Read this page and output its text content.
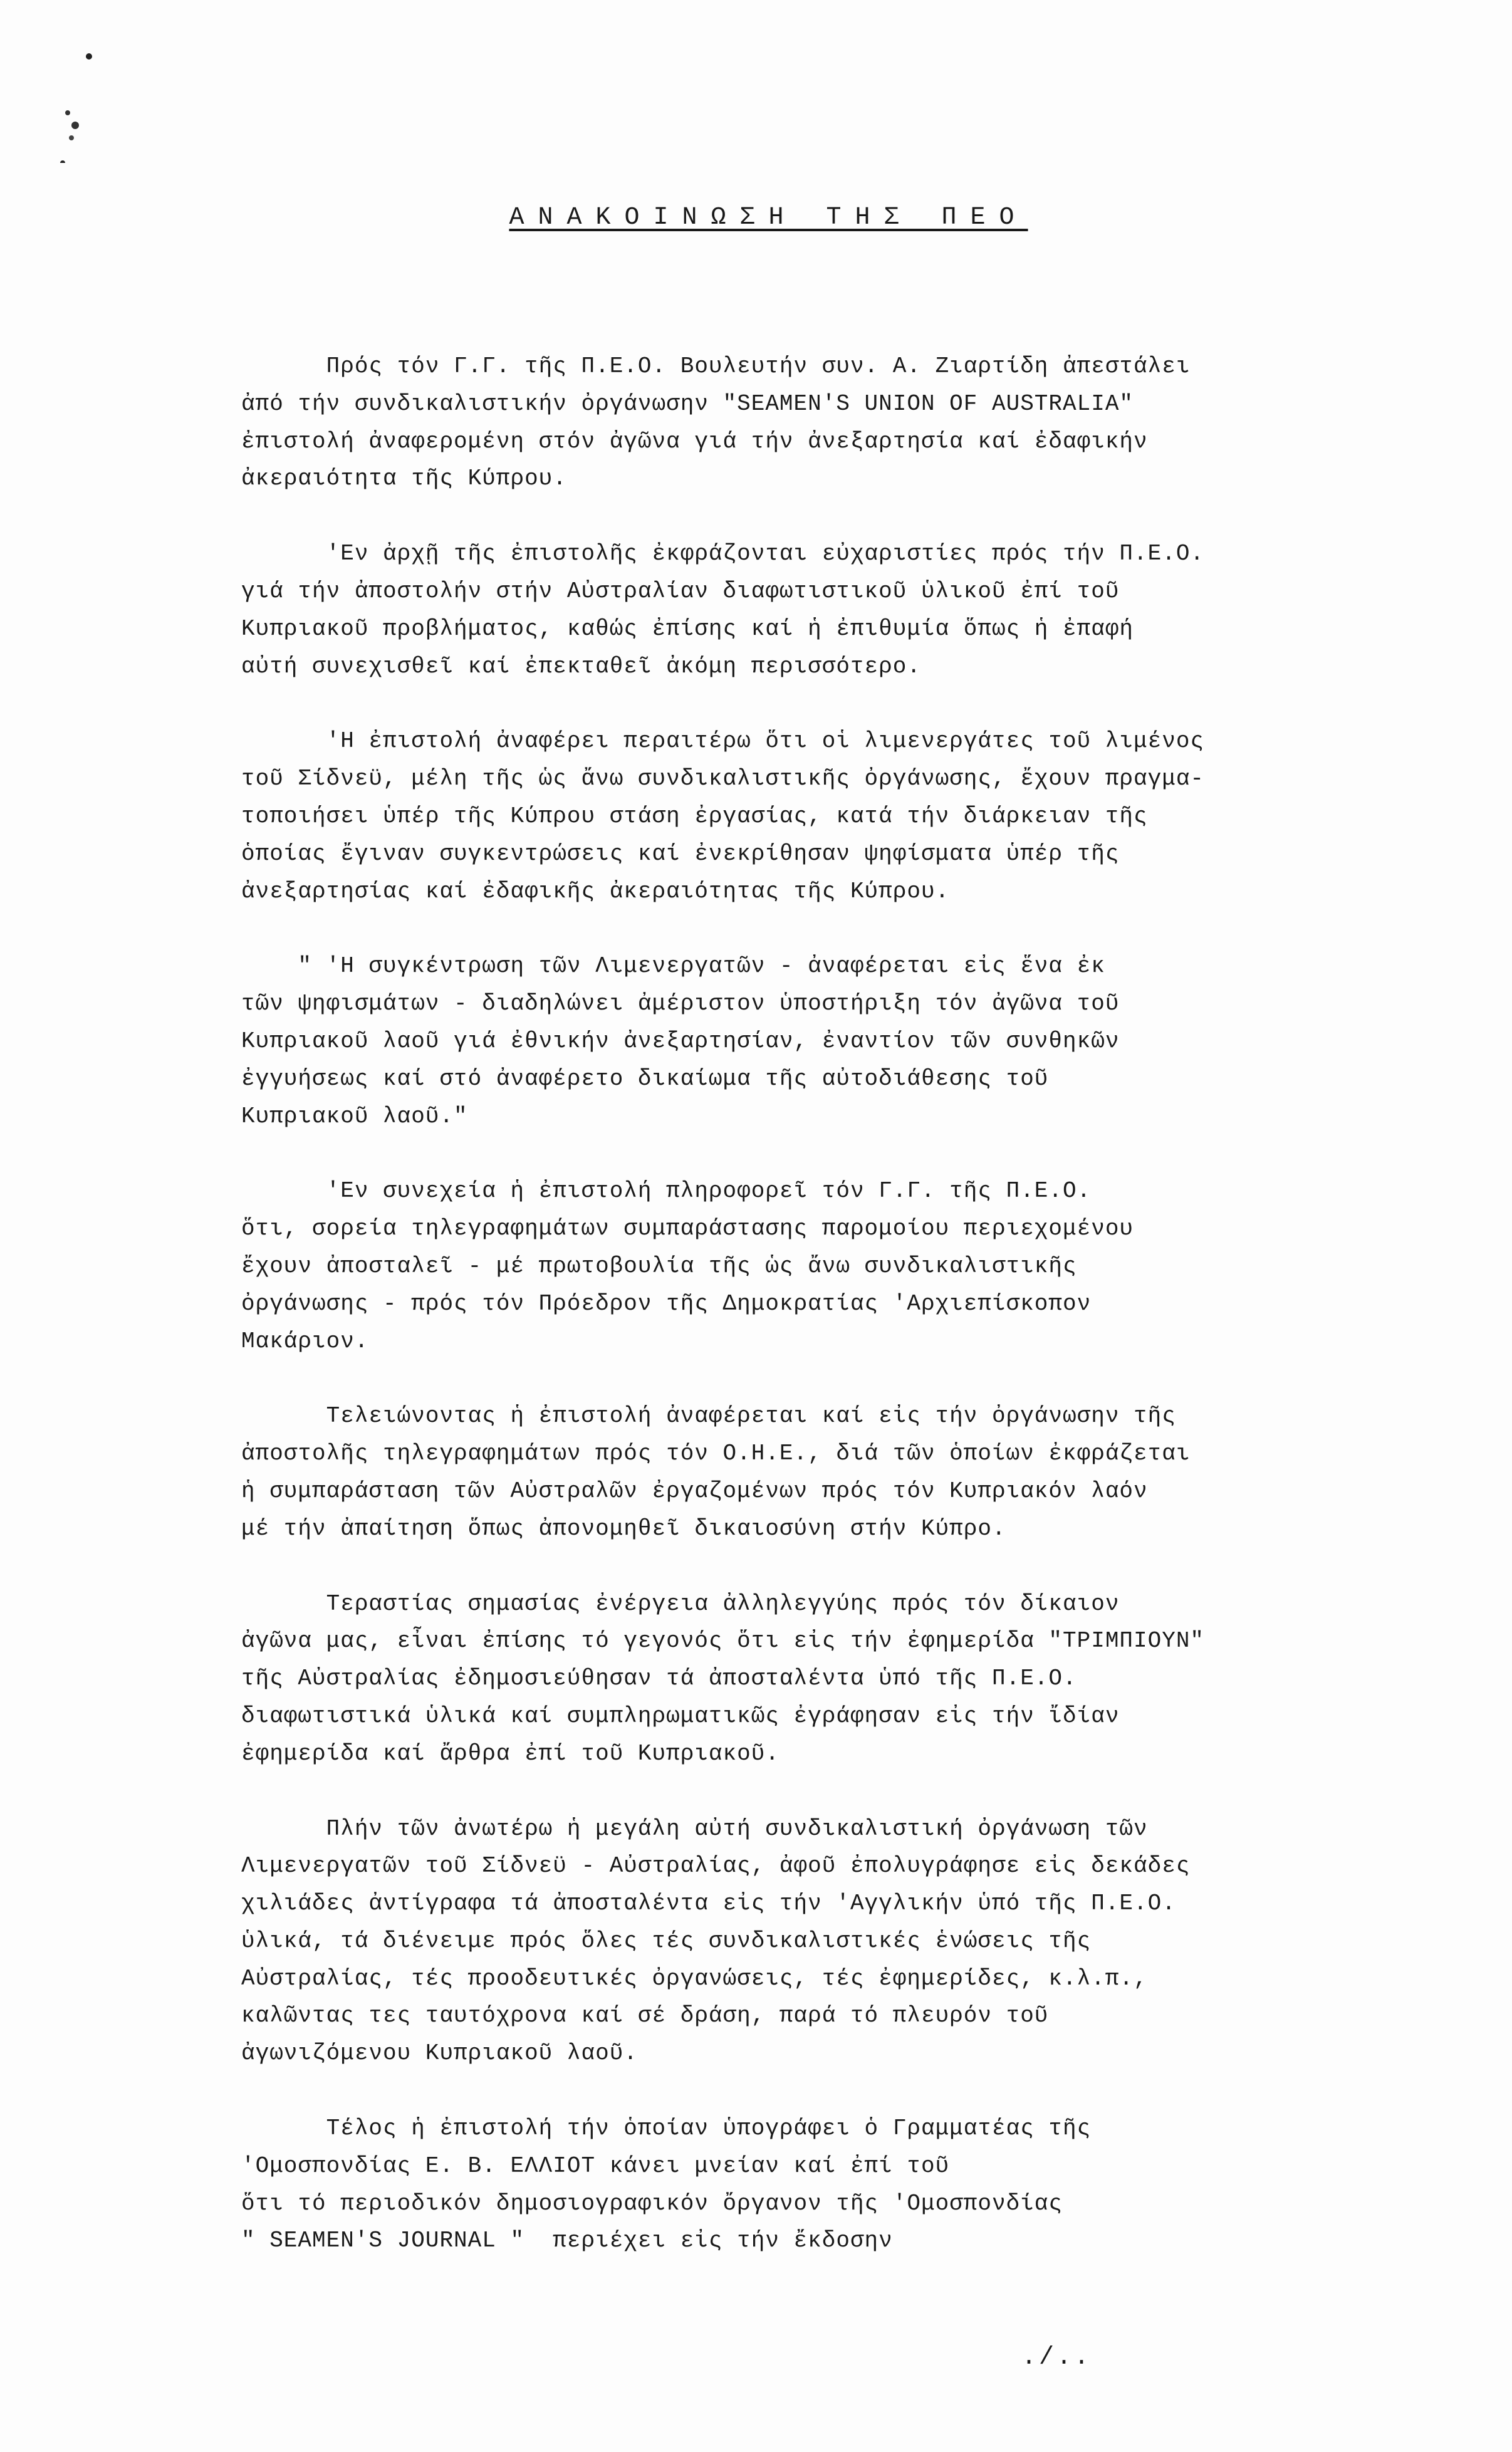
ΑΝΑΚΟΙΝΩΣΗ ΤΗΣ ΠΕΟ
Πρός τόν Γ.Γ. τῆς Π.Ε.Ο. Βουλευτήν συν. Α. Ζιαρτίδη ἀπεστάλει
ἀπό τήν συνδικαλιστικήν ὀργάνωσην "SEAMEN'S UNION OF AUSTRALIA"
ἐπιστολή ἀναφερομένη στόν ἀγῶνα γιά τήν ἀνεξαρτησία καί ἐδαφικήν
ἀκεραιότητα τῆς Κύπρου.
'Εν ἀρχῇ τῆς ἐπιστολῆς ἐκφράζονται εὐχαριστίες πρός τήν Π.Ε.Ο.
γιά τήν ἀποστολήν στήν Αὐστραλίαν διαφωτιστικοῦ ὑλικοῦ ἐπί τοῦ
Κυπριακοῦ προβλήματος, καθώς ἐπίσης καί ἡ ἐπιθυμία ὅπως ἡ ἐπαφή
αὐτή συνεχισθεῖ καί ἐπεκταθεῖ ἀκόμη περισσότερο.
'Η ἐπιστολή ἀναφέρει περαιτέρω ὅτι οἱ λιμενεργάτες τοῦ λιμένος
τοῦ Σίδνεϋ, μέλη τῆς ὡς ἄνω συνδικαλιστικῆς ὀργάνωσης, ἔχουν πραγμα-
τοποιήσει ὑπέρ τῆς Κύπρου στάση ἐργασίας, κατά τήν διάρκειαν τῆς
ὁποίας ἔγιναν συγκεντρώσεις καί ἐνεκρίθησαν ψηφίσματα ὑπέρ τῆς
ἀνεξαρτησίας καί ἐδαφικῆς ἀκεραιότητας τῆς Κύπρου.
" 'Η συγκέντρωση τῶν Λιμενεργατῶν - ἀναφέρεται εἰς ἕνα ἐκ
τῶν ψηφισμάτων - διαδηλώνει ἀμέριστον ὑποστήριξη τόν ἀγῶνα τοῦ
Κυπριακοῦ λαοῦ γιά ἐθνικήν ἀνεξαρτησίαν, ἐναντίον τῶν συνθηκῶν
ἐγγυήσεως καί στό ἀναφέρετο δικαίωμα τῆς αὐτοδιάθεσης τοῦ
Κυπριακοῦ λαοῦ."
'Εν συνεχεία ἡ ἐπιστολή πληροφορεῖ τόν Γ.Γ. τῆς Π.Ε.Ο.
ὅτι, σορεία τηλεγραφημάτων συμπαράστασης παρομοίου περιεχομένου
ἔχουν ἀποσταλεῖ - μέ πρωτοβουλία τῆς ὡς ἄνω συνδικαλιστικῆς
ὀργάνωσης - πρός τόν Πρόεδρον τῆς Δημοκρατίας 'Αρχιεπίσκοπον
Μακάριον.
Τελειώνοντας ἡ ἐπιστολή ἀναφέρεται καί εἰς τήν ὀργάνωσην τῆς
ἀποστολῆς τηλεγραφημάτων πρός τόν Ο.Η.Ε., διά τῶν ὁποίων ἐκφράζεται
ἡ συμπαράσταση τῶν Αὐστραλῶν ἐργαζομένων πρός τόν Κυπριακόν λαόν
μέ τήν ἀπαίτηση ὅπως ἀπονομηθεῖ δικαιοσύνη στήν Κύπρο.
Τεραστίας σημασίας ἐνέργεια ἀλληλεγγύης πρός τόν δίκαιον
ἀγῶνα μας, εἶναι ἐπίσης τό γεγονός ὅτι εἰς τήν ἐφημερίδα "ΤΡΙΜΠΙΟΥΝ"
τῆς Αὐστραλίας ἐδημοσιεύθησαν τά ἀποσταλέντα ὑπό τῆς Π.Ε.Ο.
διαφωτιστικά ὑλικά καί συμπληρωματικῶς ἐγράφησαν εἰς τήν ἴδίαν
ἐφημερίδα καί ἄρθρα ἐπί τοῦ Κυπριακοῦ.
Πλήν τῶν ἀνωτέρω ἡ μεγάλη αὐτή συνδικαλιστική ὀργάνωση τῶν
Λιμενεργατῶν τοῦ Σίδνεϋ - Αὐστραλίας, ἀφοῦ ἐπολυγράφησε εἰς δεκάδες
χιλιάδες ἀντίγραφα τά ἀποσταλέντα εἰς τήν 'Αγγλικήν ὑπό τῆς Π.Ε.Ο.
ὑλικά, τά διένειμε πρός ὅλες τές συνδικαλιστικές ἑνώσεις τῆς
Αὐστραλίας, τές προοδευτικές ὀργανώσεις, τές ἐφημερίδες, κ.λ.π.,
καλῶντας τες ταυτόχρονα καί σέ δράση, παρά τό πλευρόν τοῦ
ἀγωνιζόμενου Κυπριακοῦ λαοῦ.
Τέλος ἡ ἐπιστολή τήν ὁποίαν ὑπογράφει ὁ Γραμματέας τῆς
'Ομοσπονδίας Ε. Β. ΕΛΛΙΟΤ κάνει μνείαν καί ἐπί τοῦ
ὅτι τό περιοδικόν δημοσιογραφικόν ὄργανον τῆς 'Ομοσπονδίας
" SEAMEN'S JOURNAL "  περιέχει εἰς τήν ἔκδοσην
./..
